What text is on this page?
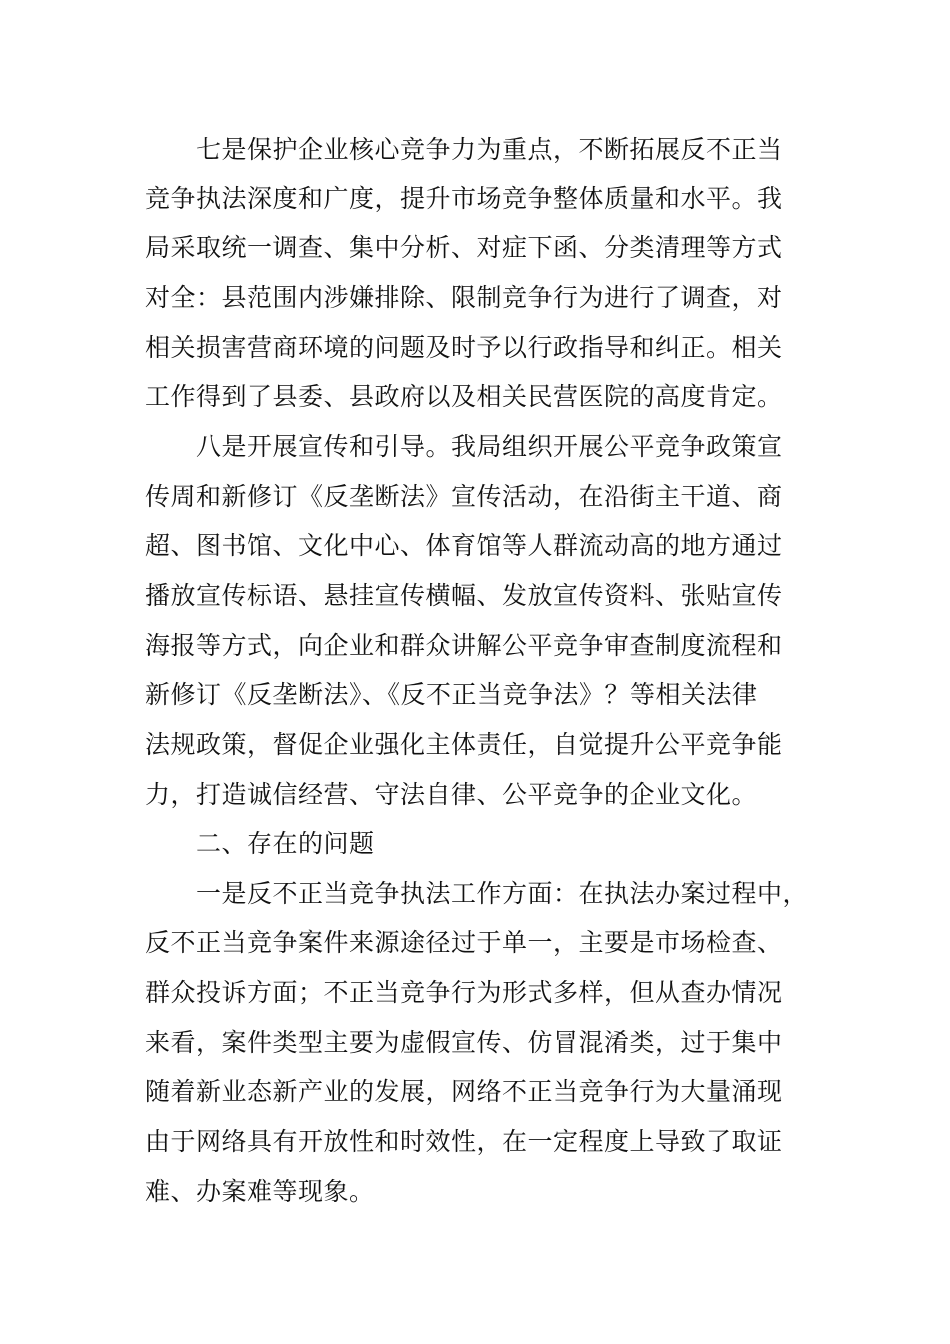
七是保护企业核心竞争力为重点，不断拓展反不正当
竞争执法深度和广度，提升市场竞争整体质量和水平。我
局采取统一调查、集中分析、对症下函、分类清理等方式
对全：县范围内涉嫌排除、限制竞争行为进行了调查，对
相关损害营商环境的问题及时予以行政指导和纠正。相关
工作得到了县委、县政府以及相关民营医院的高度肯定。
八是开展宣传和引导。我局组织开展公平竞争政策宣
传周和新修订《反垄断法》宣传活动，在沿街主干道、商
超、图书馆、文化中心、体育馆等人群流动高的地方通过
播放宣传标语、悬挂宣传横幅、发放宣传资料、张贴宣传
海报等方式，向企业和群众讲解公平竞争审查制度流程和
新修订《反垄断法》、《反不正当竞争法》？等相关法律
法规政策，督促企业强化主体责任，自觉提升公平竞争能
力，打造诚信经营、守法自律、公平竞争的企业文化。
二、存在的问题
一是反不正当竞争执法工作方面：在执法办案过程中，
反不正当竞争案件来源途径过于单一，主要是市场检查、
群众投诉方面；不正当竞争行为形式多样，但从查办情况
来看，案件类型主要为虚假宣传、仿冒混淆类，过于集中
随着新业态新产业的发展，网络不正当竞争行为大量涌现
由于网络具有开放性和时效性，在一定程度上导致了取证
难、办案难等现象。
